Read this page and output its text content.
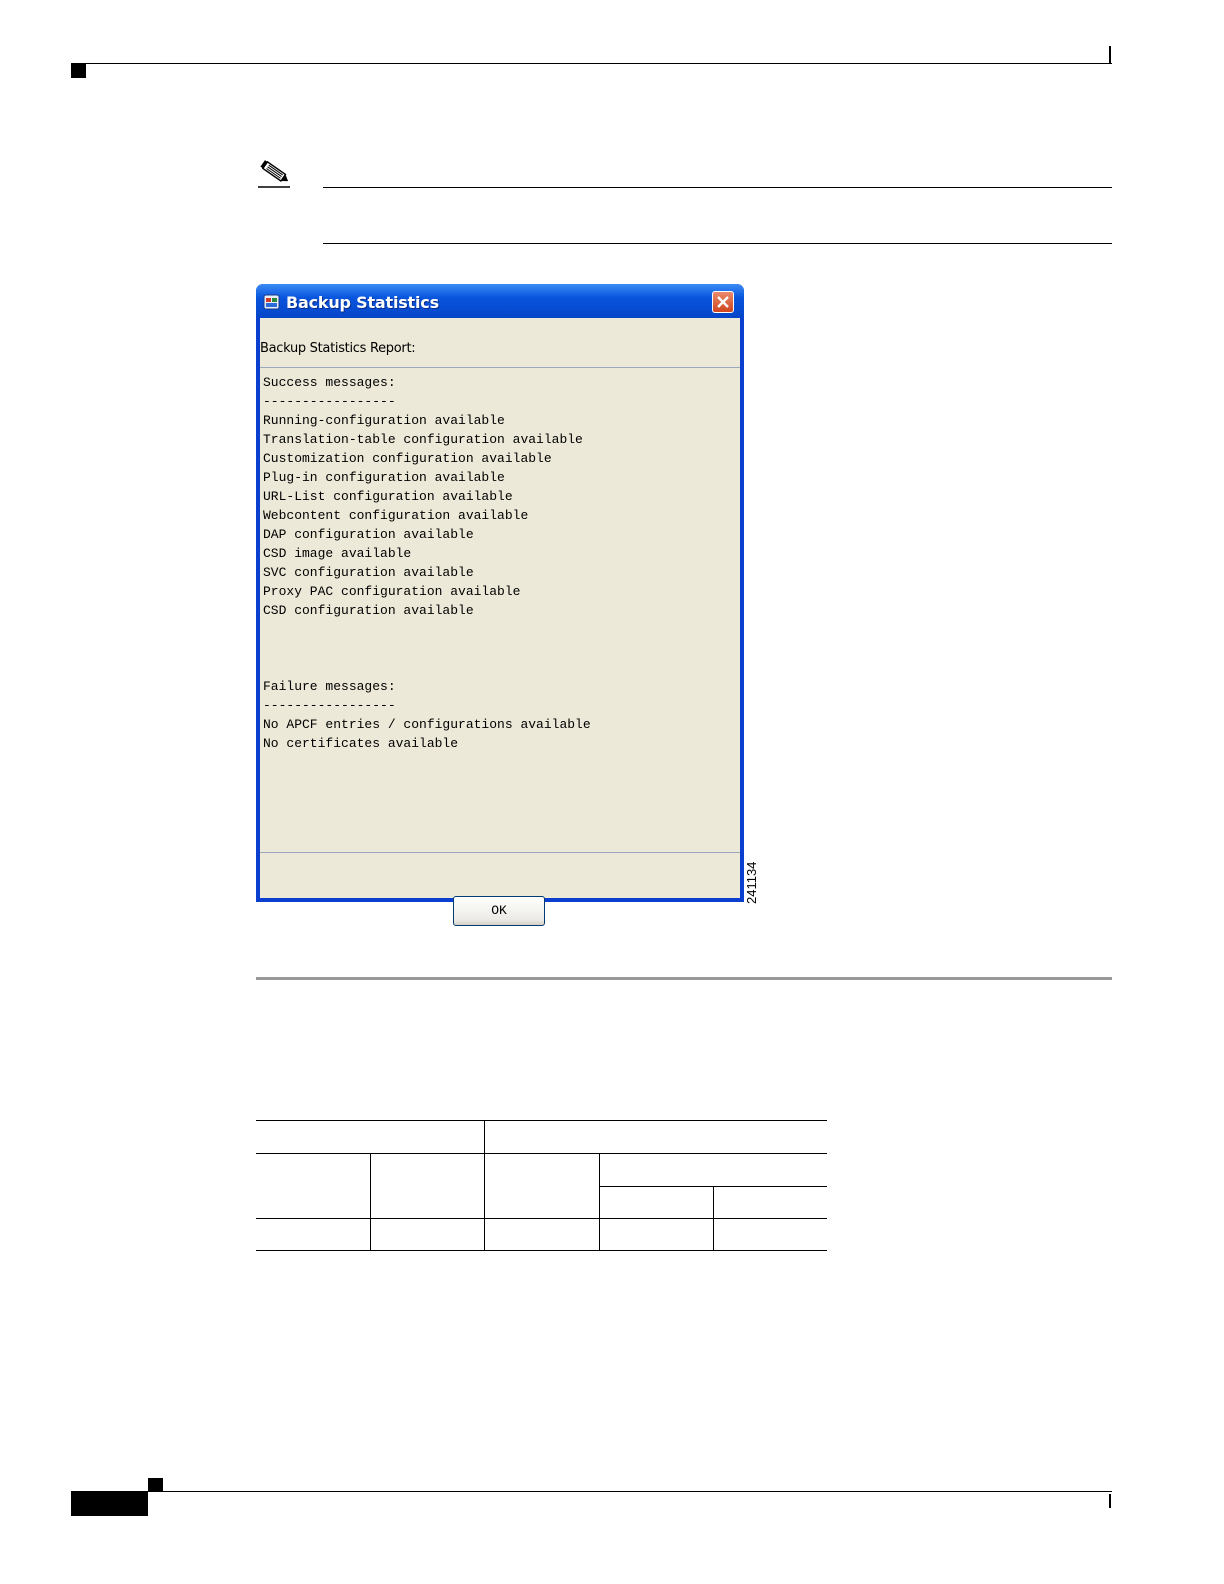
Backup Statistics
Backup Statistics Report:
Success messages:
-----------------
Running-configuration available
Translation-table configuration available
Customization configuration available
Plug-in configuration available
URL-List configuration available
Webcontent configuration available
DAP configuration available
CSD image available
SVC configuration available
Proxy PAC configuration available
CSD configuration available
Failure messages:
-----------------
No APCF entries / configurations available
No certificates available
OK
241134
